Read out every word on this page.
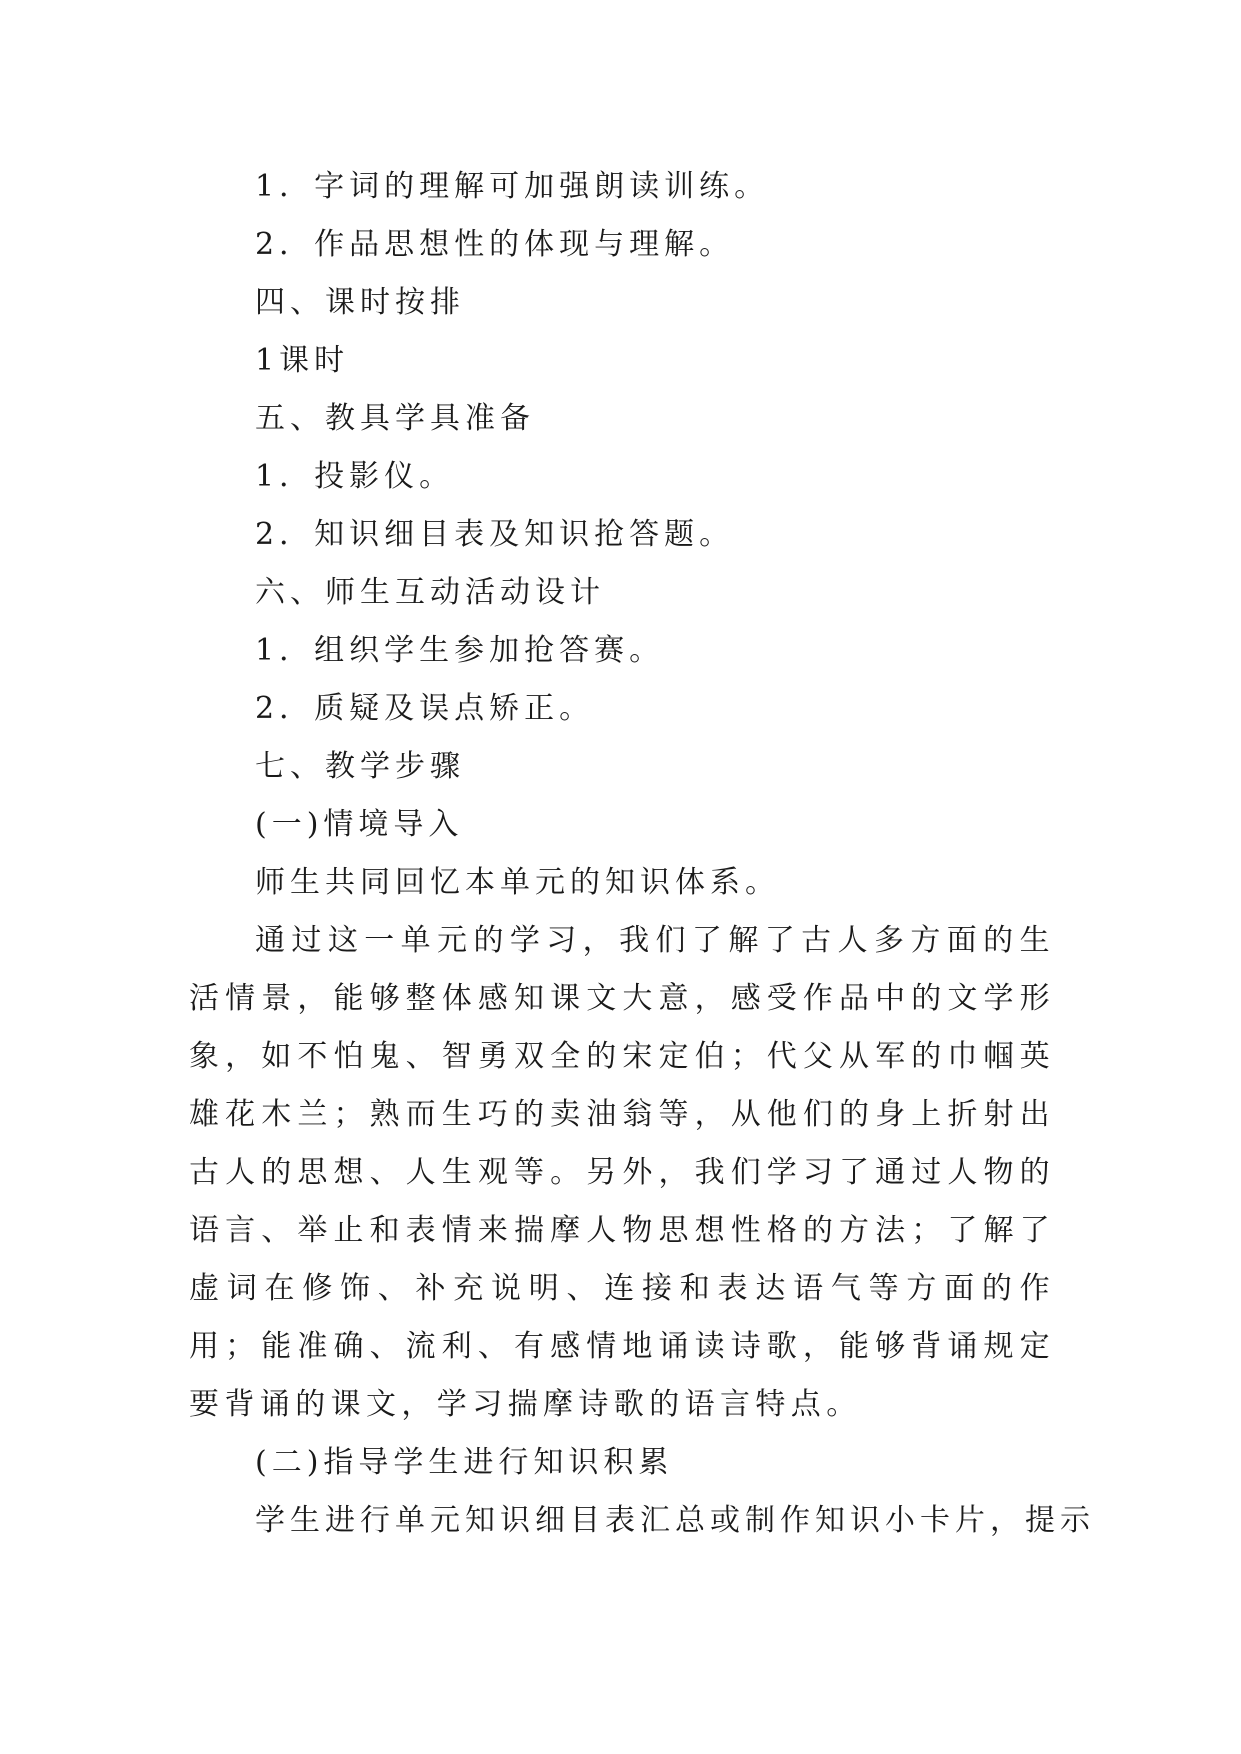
1．字词的理解可加强朗读训练。

2．作品思想性的体现与理解。

四、课时按排

1课时

五、教具学具准备

1．投影仪。

2．知识细目表及知识抢答题。

六、师生互动活动设计

1．组织学生参加抢答赛。

2．质疑及误点矫正。

七、教学步骤

(一)情境导入

师生共同回忆本单元的知识体系。

通过这一单元的学习，我们了解了古人多方面的生活情景，能够整体感知课文大意，感受作品中的文学形象，如不怕鬼、智勇双全的宋定伯；代父从军的巾帼英雄花木兰；熟而生巧的卖油翁等，从他们的身上折射出古人的思想、人生观等。另外，我们学习了通过人物的语言、举止和表情来揣摩人物思想性格的方法；了解了虚词在修饰、补充说明、连接和表达语气等方面的作用；能准确、流利、有感情地诵读诗歌，能够背诵规定要背诵的课文，学习揣摩诗歌的语言特点。

(二)指导学生进行知识积累

学生进行单元知识细目表汇总或制作知识小卡片，提示
